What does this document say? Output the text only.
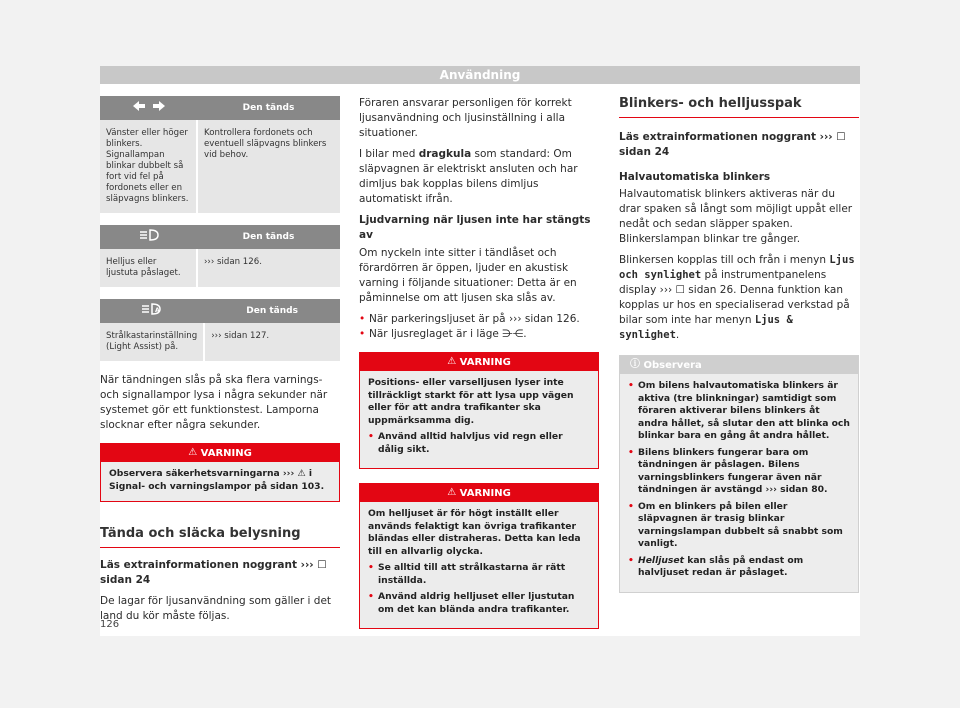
Användning
	Den tänds
Vänster eller höger blinkers. Signallampan blinkar dubbelt så fort vid fel på fordonets eller en släpvagns blinkers.	Kontrollera fordonets och eventuell släpvagns blinkers vid behov.
	Den tänds
Helljus eller ljustuta påslaget.	››› sidan 126.
A	Den tänds
Strålkastarinställning (Light Assist) på.	››› sidan 127.

När tändningen slås på ska flera varnings- och signallampor lysa i några sekunder när systemet gör ett funktionstest. Lamporna slocknar efter några sekunder.

⚠ VARNING
Observera säkerhetsvarningarna ››› ⚠ i Signal- och varningslampor på sidan 103.
Tända och släcka belysning

Läs extrainformationen noggrant ››› ☐ sidan 24

De lagar för ljusanvändning som gäller i det land du kör måste följas.

Föraren ansvarar personligen för korrekt ljusanvändning och ljusinställning i alla situationer.

I bilar med dragkula som standard: Om släpvagnen är elektriskt ansluten och har dimljus bak kopplas bilens dimljus automatiskt ifrån.

Ljudvarning när ljusen inte har stängts av

Om nyckeln inte sitter i tändlåset och förardörren är öppen, ljuder en akustisk varning i följande situationer: Detta är en påminnelse om att ljusen ska slås av.

• När parkeringsljuset är på ››› sidan 126.
• När ljusreglaget är i läge ⋺⋲.
⚠ VARNING
Positions- eller varselljusen lyser inte tillräckligt starkt för att lysa upp vägen eller för att andra trafikanter ska uppmärksamma dig.
• Använd alltid halvljus vid regn eller dålig sikt.
⚠ VARNING
Om helljuset är för högt inställt eller används felaktigt kan övriga trafikanter bländas eller distraheras. Detta kan leda till en allvarlig olycka.
• Se alltid till att strålkastarna är rätt inställda.
• Använd aldrig helljuset eller ljustutan om det kan blända andra trafikanter.
Blinkers- och helljusspak

Läs extrainformationen noggrant ››› ☐ sidan 24

Halvautomatiska blinkers

Halvautomatisk blinkers aktiveras när du drar spaken så långt som möjligt uppåt eller nedåt och sedan släpper spaken. Blinkerslampan blinkar tre gånger.

Blinkersen kopplas till och från i menyn Ljus och synlighet på instrumentpanelens display ››› ☐ sidan 26. Denna funktion kan kopplas ur hos en specialiserad verkstad på bilar som inte har menyn Ljus & synlighet.

ⓘ Observera
• Om bilens halvautomatiska blinkers är aktiva (tre blinkningar) samtidigt som föraren aktiverar bilens blinkers åt andra hållet, så slutar den att blinka och blinkar bara en gång åt andra hållet.
• Bilens blinkers fungerar bara om tändningen är påslagen. Bilens varningsblinkers fungerar även när tändningen är avstängd ››› sidan 80.
• Om en blinkers på bilen eller släpvagnen är trasig blinkar varningslampan dubbelt så snabbt som vanligt.
• Helljuset kan slås på endast om halvljuset redan är påslaget.
126
